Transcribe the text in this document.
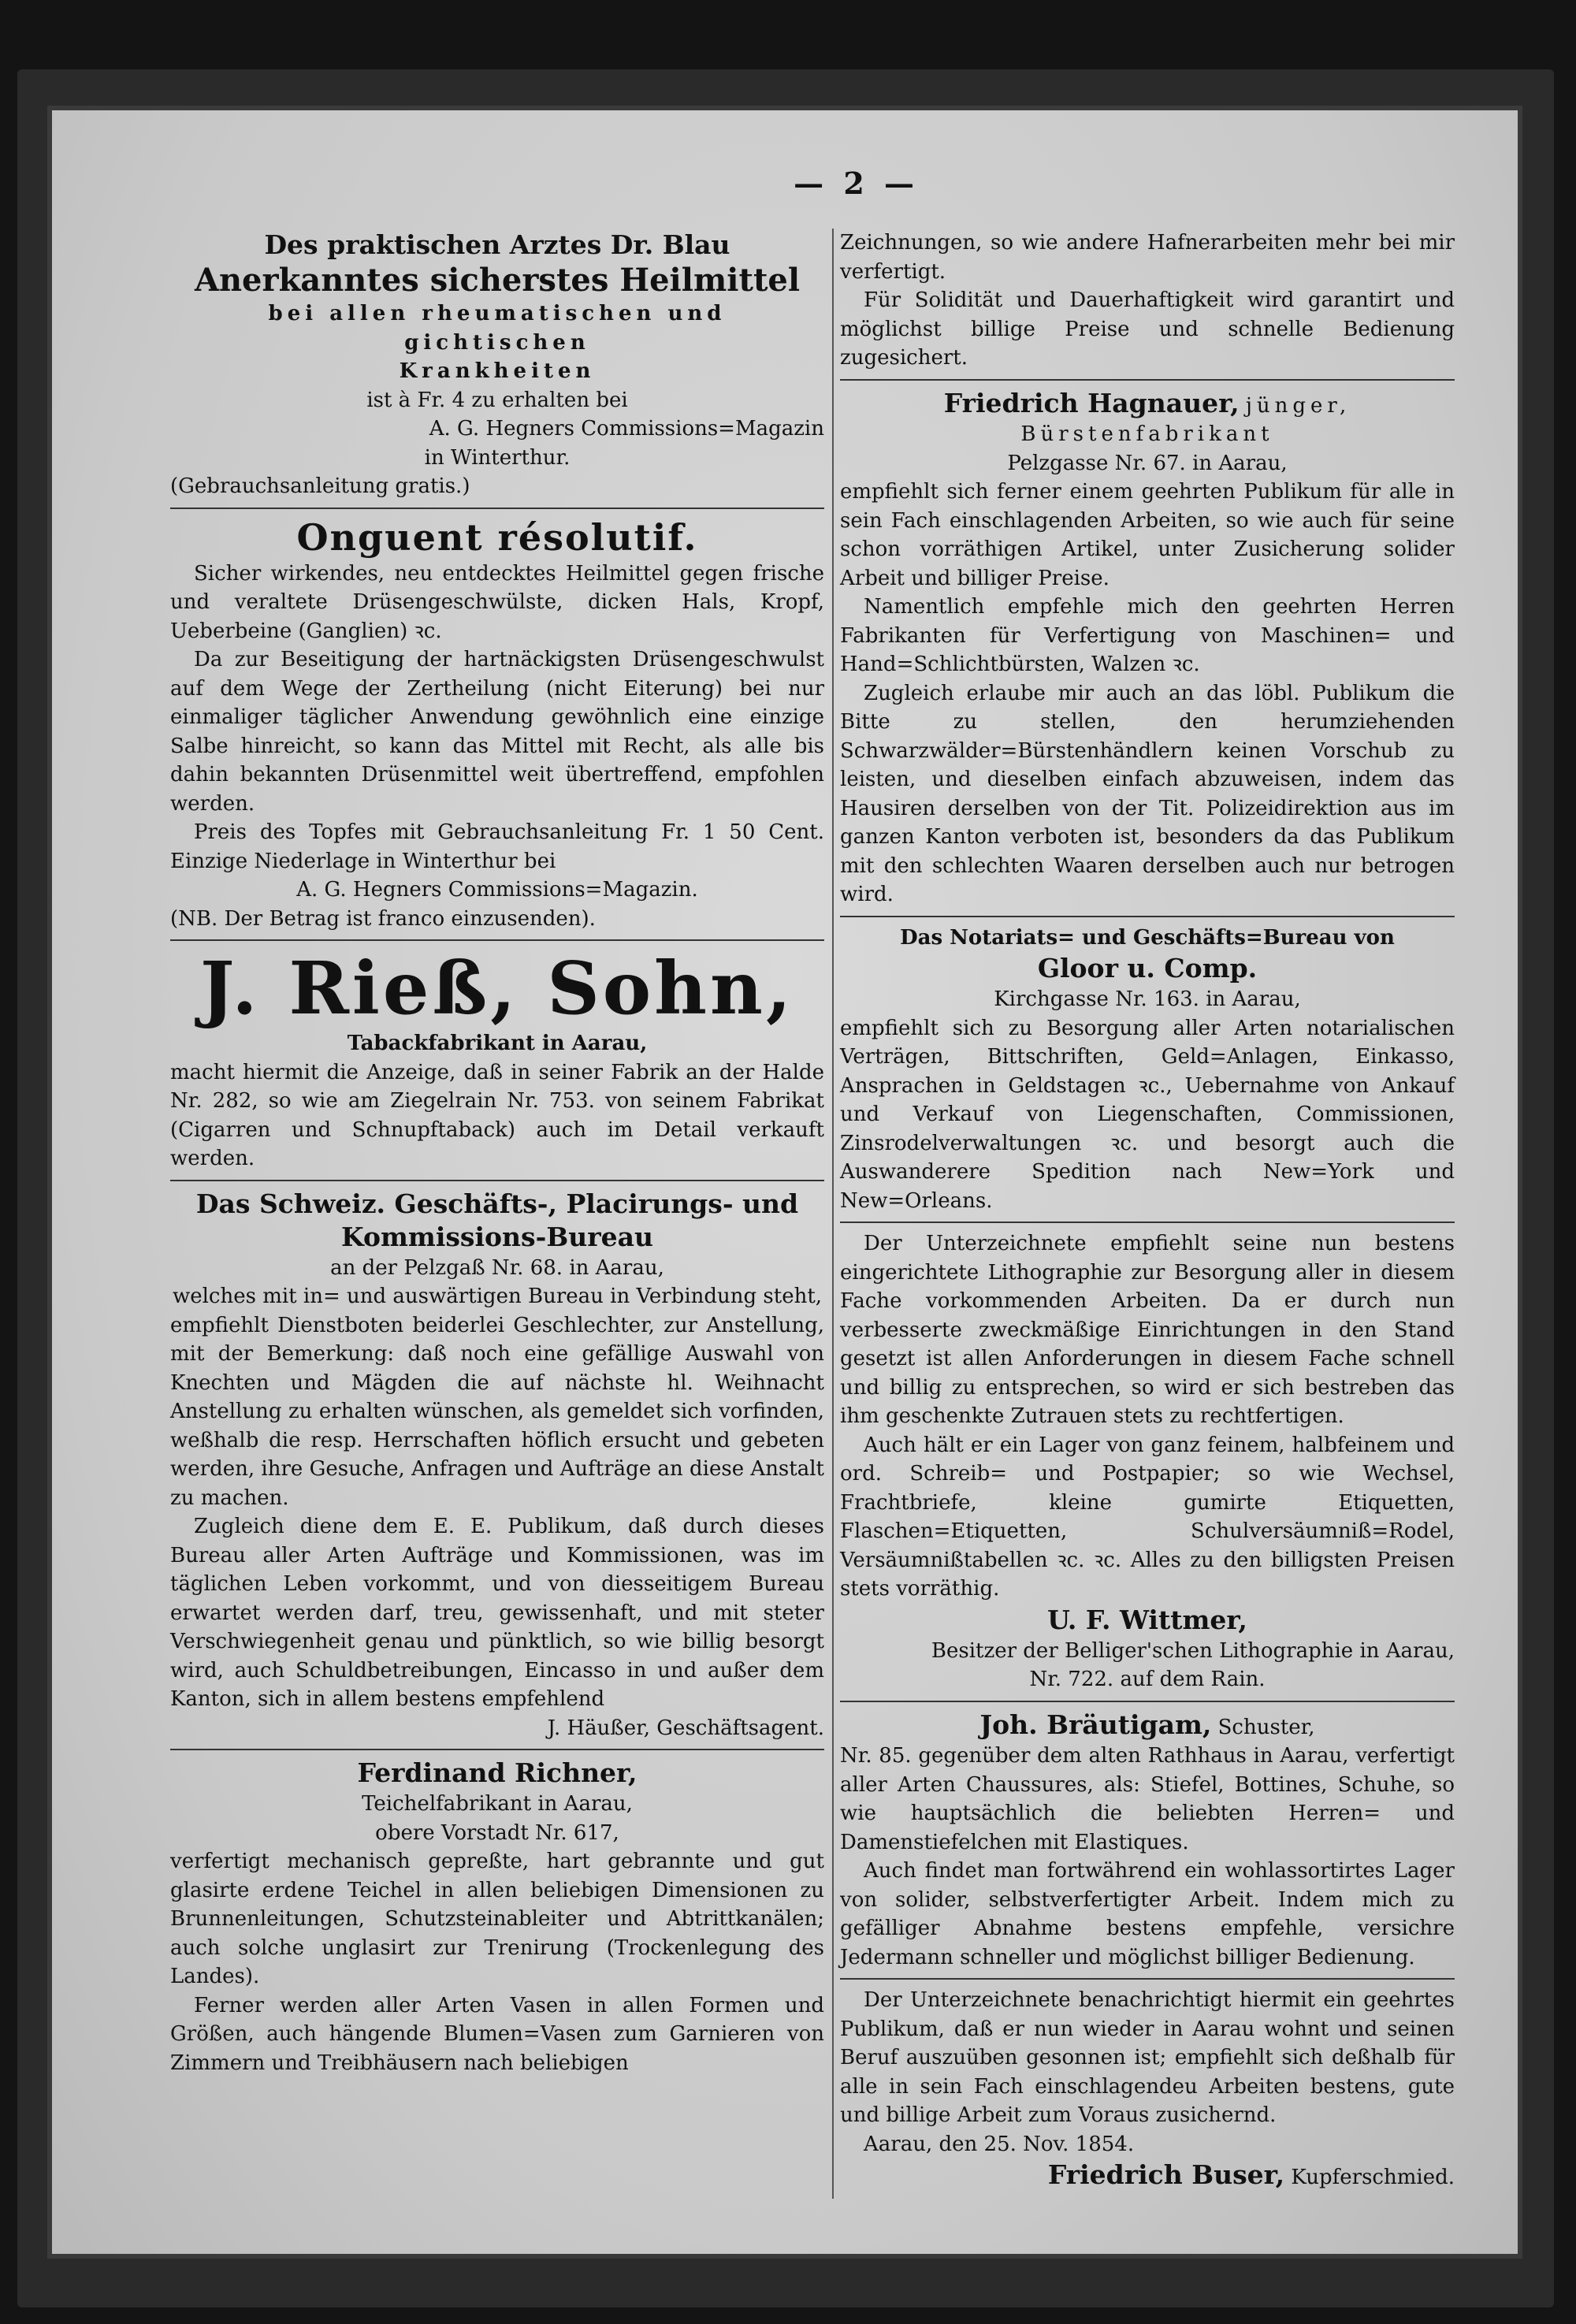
— 2 —

Des praktischen Arztes Dr. Blau

Anerkanntes sicherstes Heilmittel

bei allen rheumatischen und gichtischen

Krankheiten

ist à Fr. 4 zu erhalten bei

A. G. Hegners Commissions=Magazin

in Winterthur.

(Gebrauchsanleitung gratis.)

Onguent résolutif.

Sicher wirkendes, neu entdecktes Heilmittel gegen frische und veraltete Drüsengeschwülste, dicken Hals, Kropf, Ueberbeine (Ganglien) ꝛc.

Da zur Beseitigung der hartnäckigsten Drüsengeschwulst auf dem Wege der Zertheilung (nicht Eiterung) bei nur einmaliger täglicher Anwendung gewöhnlich eine einzige Salbe hinreicht, so kann das Mittel mit Recht, als alle bis dahin bekannten Drüsenmittel weit übertreffend, empfohlen werden.

Preis des Topfes mit Gebrauchsanleitung Fr. 1 50 Cent. Einzige Niederlage in Winterthur bei

A. G. Hegners Commissions=Magazin.

(NB. Der Betrag ist franco einzusenden).

J. Rieß, Sohn,

Tabackfabrikant in Aarau,

macht hiermit die Anzeige, daß in seiner Fabrik an der Halde Nr. 282, so wie am Ziegelrain Nr. 753. von seinem Fabrikat (Cigarren und Schnupftaback) auch im Detail verkauft werden.

Das Schweiz. Geschäfts-, Placirungs- und

Kommissions-Bureau

an der Pelzgaß Nr. 68. in Aarau,

welches mit in= und auswärtigen Bureau in Verbindung steht,

empfiehlt Dienstboten beiderlei Geschlechter, zur Anstellung, mit der Bemerkung: daß noch eine gefällige Auswahl von Knechten und Mägden die auf nächste hl. Weihnacht Anstellung zu erhalten wünschen, als gemeldet sich vorfinden, weßhalb die resp. Herrschaften höflich ersucht und gebeten werden, ihre Gesuche, Anfragen und Aufträge an diese Anstalt zu machen.

Zugleich diene dem E. E. Publikum, daß durch dieses Bureau aller Arten Aufträge und Kommissionen, was im täglichen Leben vorkommt, und von diesseitigem Bureau erwartet werden darf, treu, gewissenhaft, und mit steter Verschwiegenheit genau und pünktlich, so wie billig besorgt wird, auch Schuldbetreibungen, Eincasso in und außer dem Kanton, sich in allem bestens empfehlend

J. Häußer, Geschäftsagent.

Ferdinand Richner,

Teichelfabrikant in Aarau,

obere Vorstadt Nr. 617,

verfertigt mechanisch gepreßte, hart gebrannte und gut glasirte erdene Teichel in allen beliebigen Dimensionen zu Brunnenleitungen, Schutzsteinableiter und Abtrittkanälen; auch solche unglasirt zur Trenirung (Trockenlegung des Landes).

Ferner werden aller Arten Vasen in allen Formen und Größen, auch hängende Blumen=Vasen zum Garnieren von Zimmern und Treibhäusern nach beliebigen

Zeichnungen, so wie andere Hafnerarbeiten mehr bei mir verfertigt.

Für Solidität und Dauerhaftigkeit wird garantirt und möglichst billige Preise und schnelle Bedienung zugesichert.

Friedrich Hagnauer, jünger,

Bürstenfabrikant

Pelzgasse Nr. 67. in Aarau,

empfiehlt sich ferner einem geehrten Publikum für alle in sein Fach einschlagenden Arbeiten, so wie auch für seine schon vorräthigen Artikel, unter Zusicherung solider Arbeit und billiger Preise.

Namentlich empfehle mich den geehrten Herren Fabrikanten für Verfertigung von Maschinen= und Hand=Schlichtbürsten, Walzen ꝛc.

Zugleich erlaube mir auch an das löbl. Publikum die Bitte zu stellen, den herumziehenden Schwarzwälder=Bürstenhändlern keinen Vorschub zu leisten, und dieselben einfach abzuweisen, indem das Hausiren derselben von der Tit. Polizeidirektion aus im ganzen Kanton verboten ist, besonders da das Publikum mit den schlechten Waaren derselben auch nur betrogen wird.

Das Notariats= und Geschäfts=Bureau von

Gloor u. Comp.

Kirchgasse Nr. 163. in Aarau,

empfiehlt sich zu Besorgung aller Arten notarialischen Verträgen, Bittschriften, Geld=Anlagen, Einkasso, Ansprachen in Geldstagen ꝛc., Uebernahme von Ankauf und Verkauf von Liegenschaften, Commissionen, Zinsrodelverwaltungen ꝛc. und besorgt auch die Auswanderere Spedition nach New=York und New=Orleans.

Der Unterzeichnete empfiehlt seine nun bestens eingerichtete Lithographie zur Besorgung aller in diesem Fache vorkommenden Arbeiten. Da er durch nun verbesserte zweckmäßige Einrichtungen in den Stand gesetzt ist allen Anforderungen in diesem Fache schnell und billig zu entsprechen, so wird er sich bestreben das ihm geschenkte Zutrauen stets zu rechtfertigen.

Auch hält er ein Lager von ganz feinem, halbfeinem und ord. Schreib= und Postpapier; so wie Wechsel, Frachtbriefe, kleine gumirte Etiquetten, Flaschen=Etiquetten, Schulversäumniß=Rodel, Versäumnißtabellen ꝛc. ꝛc. Alles zu den billigsten Preisen stets vorräthig.

U. F. Wittmer,

Besitzer der Belliger'schen Lithographie in Aarau,

Nr. 722. auf dem Rain.

Joh. Bräutigam, Schuster,

Nr. 85. gegenüber dem alten Rathhaus in Aarau, verfertigt aller Arten Chaussures, als: Stiefel, Bottines, Schuhe, so wie hauptsächlich die beliebten Herren= und Damenstiefelchen mit Elastiques.

Auch findet man fortwährend ein wohlassortirtes Lager von solider, selbstverfertigter Arbeit. Indem mich zu gefälliger Abnahme bestens empfehle, versichre Jedermann schneller und möglichst billiger Bedienung.

Der Unterzeichnete benachrichtigt hiermit ein geehrtes Publikum, daß er nun wieder in Aarau wohnt und seinen Beruf auszuüben gesonnen ist; empfiehlt sich deßhalb für alle in sein Fach einschlagendeu Arbeiten bestens, gute und billige Arbeit zum Voraus zusichernd.

Aarau, den 25. Nov. 1854.

Friedrich Buser, Kupferschmied.
